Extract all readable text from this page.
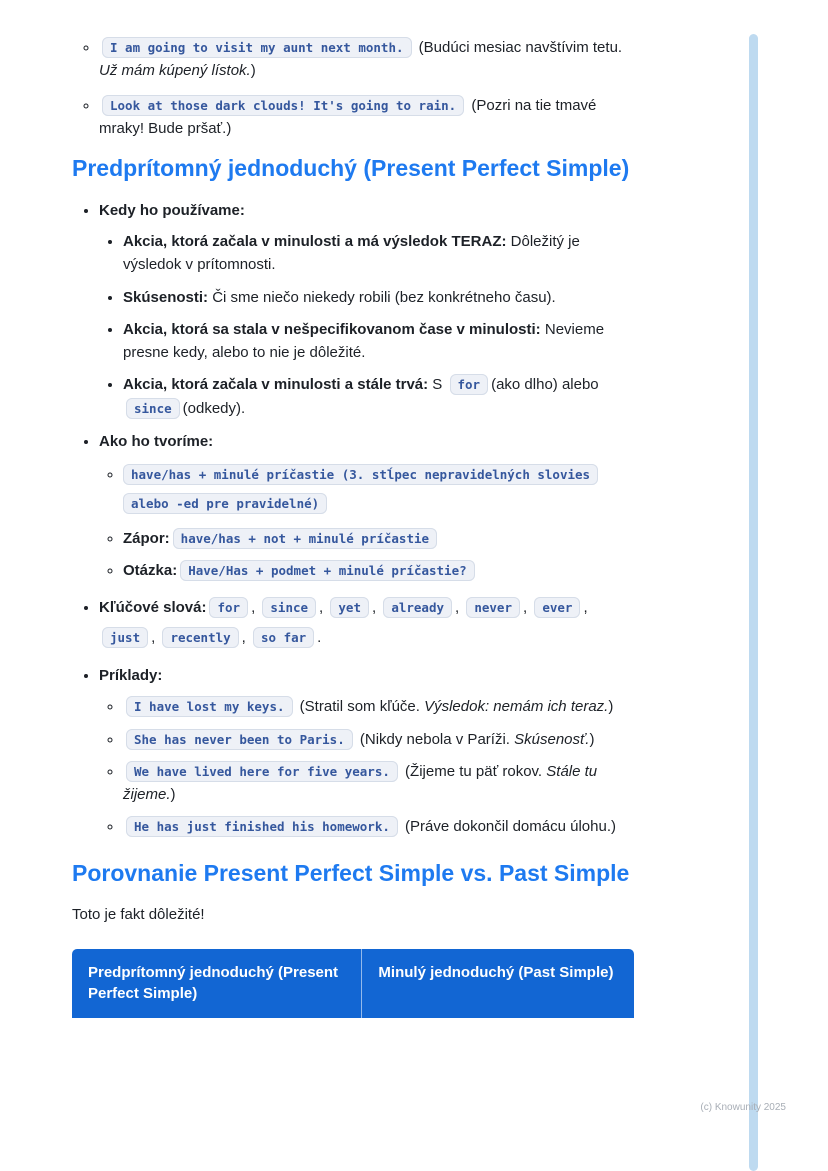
◦ I am going to visit my aunt next month. (Budúci mesiac navštívim tetu. Už mám kúpený lístok.)
◦ Look at those dark clouds! It's going to rain. (Pozri na tie tmavé mraky! Bude pršať.)
Predprítomný jednoduchý (Present Perfect Simple)
• Kedy ho používame:
• Akcia, ktorá začala v minulosti a má výsledok TERAZ: Dôležitý je výsledok v prítomnosti.
• Skúsenosti: Či sme niečo niekedy robili (bez konkrétneho času).
• Akcia, ktorá sa stala v nešpecifikovanom čase v minulosti: Nevieme presne kedy, alebo to nie je dôležité.
• Akcia, ktorá začala v minulosti a stále trvá: S for (ako dlho) alebo since (odkedy).
• Ako ho tvoríme:
◦ have/has + minulé príčastie (3. stĺpec nepravidelných slovies alebo -ed pre pravidelné)
◦ Zápor: have/has + not + minulé príčastie
◦ Otázka: Have/Has + podmet + minulé príčastie?
• Kľúčové slová: for , since , yet , already , never , ever , just , recently , so far .
• Príklady:
◦ I have lost my keys. (Stratil som kľúče. Výsledok: nemám ich teraz.)
◦ She has never been to Paris. (Nikdy nebola v Paríži. Skúsenosť.)
◦ We have lived here for five years. (Žijeme tu päť rokov. Stále tu žijeme.)
◦ He has just finished his homework. (Práve dokončil domácu úlohu.)
Porovnanie Present Perfect Simple vs. Past Simple

Toto je fakt dôležité!

Predprítomný jednoduchý (Present Perfect Simple)
Minulý jednoduchý (Past Simple)
(c) Knowunity 2025
